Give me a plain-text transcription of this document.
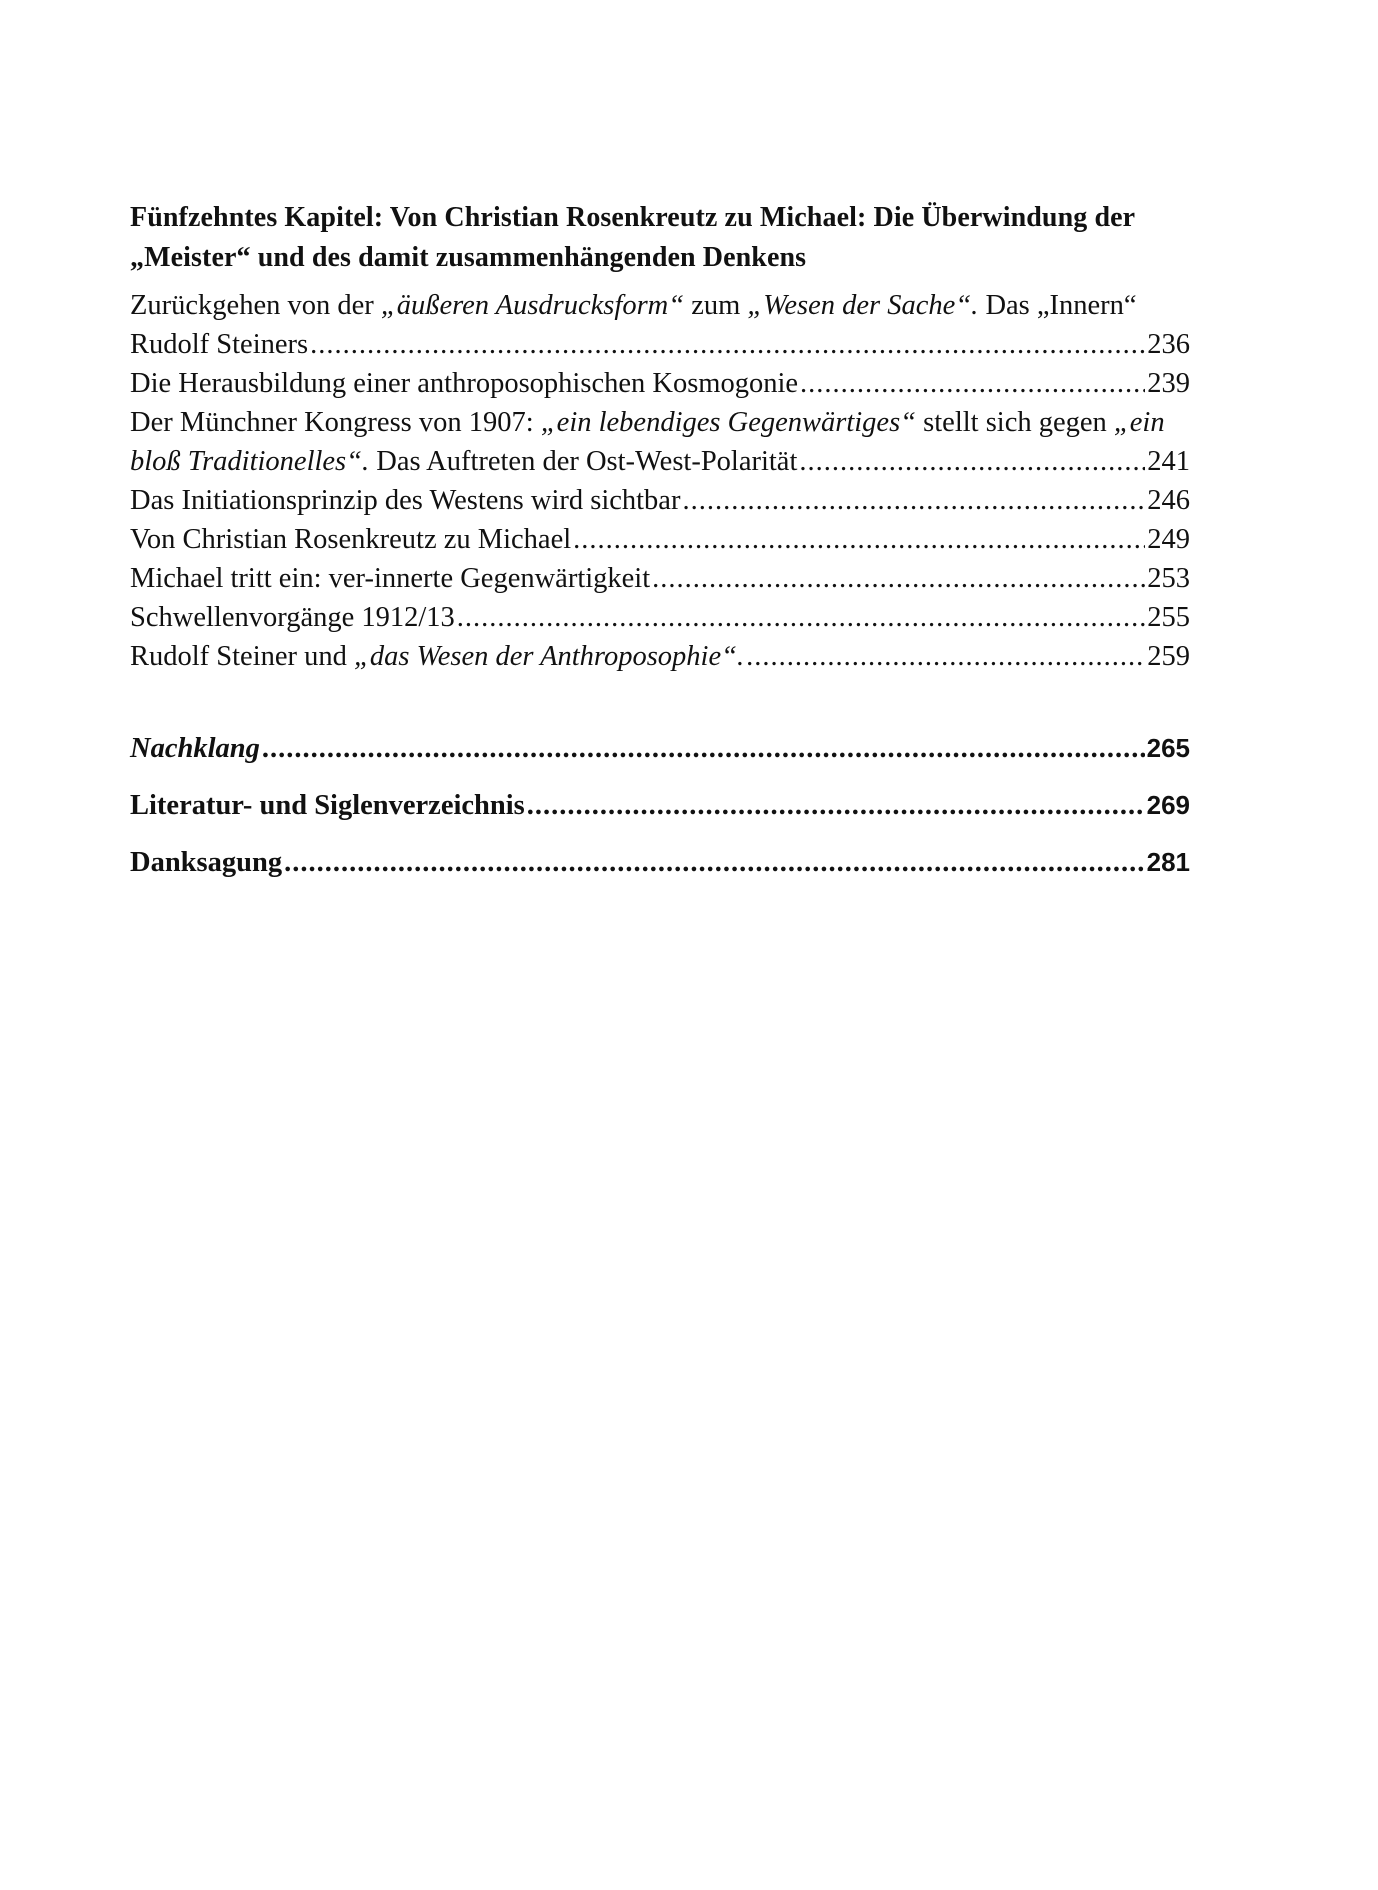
Fünfzehntes Kapitel: Von Christian Rosenkreutz zu Michael: Die Überwindung der
„Meister“ und des damit zusammenhängenden Denkens
Zurückgehen von der „äußeren Ausdrucksform“ zum „Wesen der Sache“. Das „Innern“
Rudolf Steiners .....	236
Die Herausbildung einer anthroposophischen Kosmogonie .....	239
Der Münchner Kongress von 1907: „ein lebendiges Gegenwärtiges“ stellt sich gegen „ein
bloß Traditionelles“. Das Auftreten der Ost-West-Polarität .....	241
Das Initiationsprinzip des Westens wird sichtbar .....	246
Von Christian Rosenkreutz zu Michael .....	249
Michael tritt ein: ver-innerte Gegenwärtigkeit .....	253
Schwellenvorgänge 1912/13 .....	255
Rudolf Steiner und „das Wesen der Anthroposophie“. .....	259
Nachklang .....	265
Literatur- und Siglenverzeichnis .....	269
Danksagung .....	281
